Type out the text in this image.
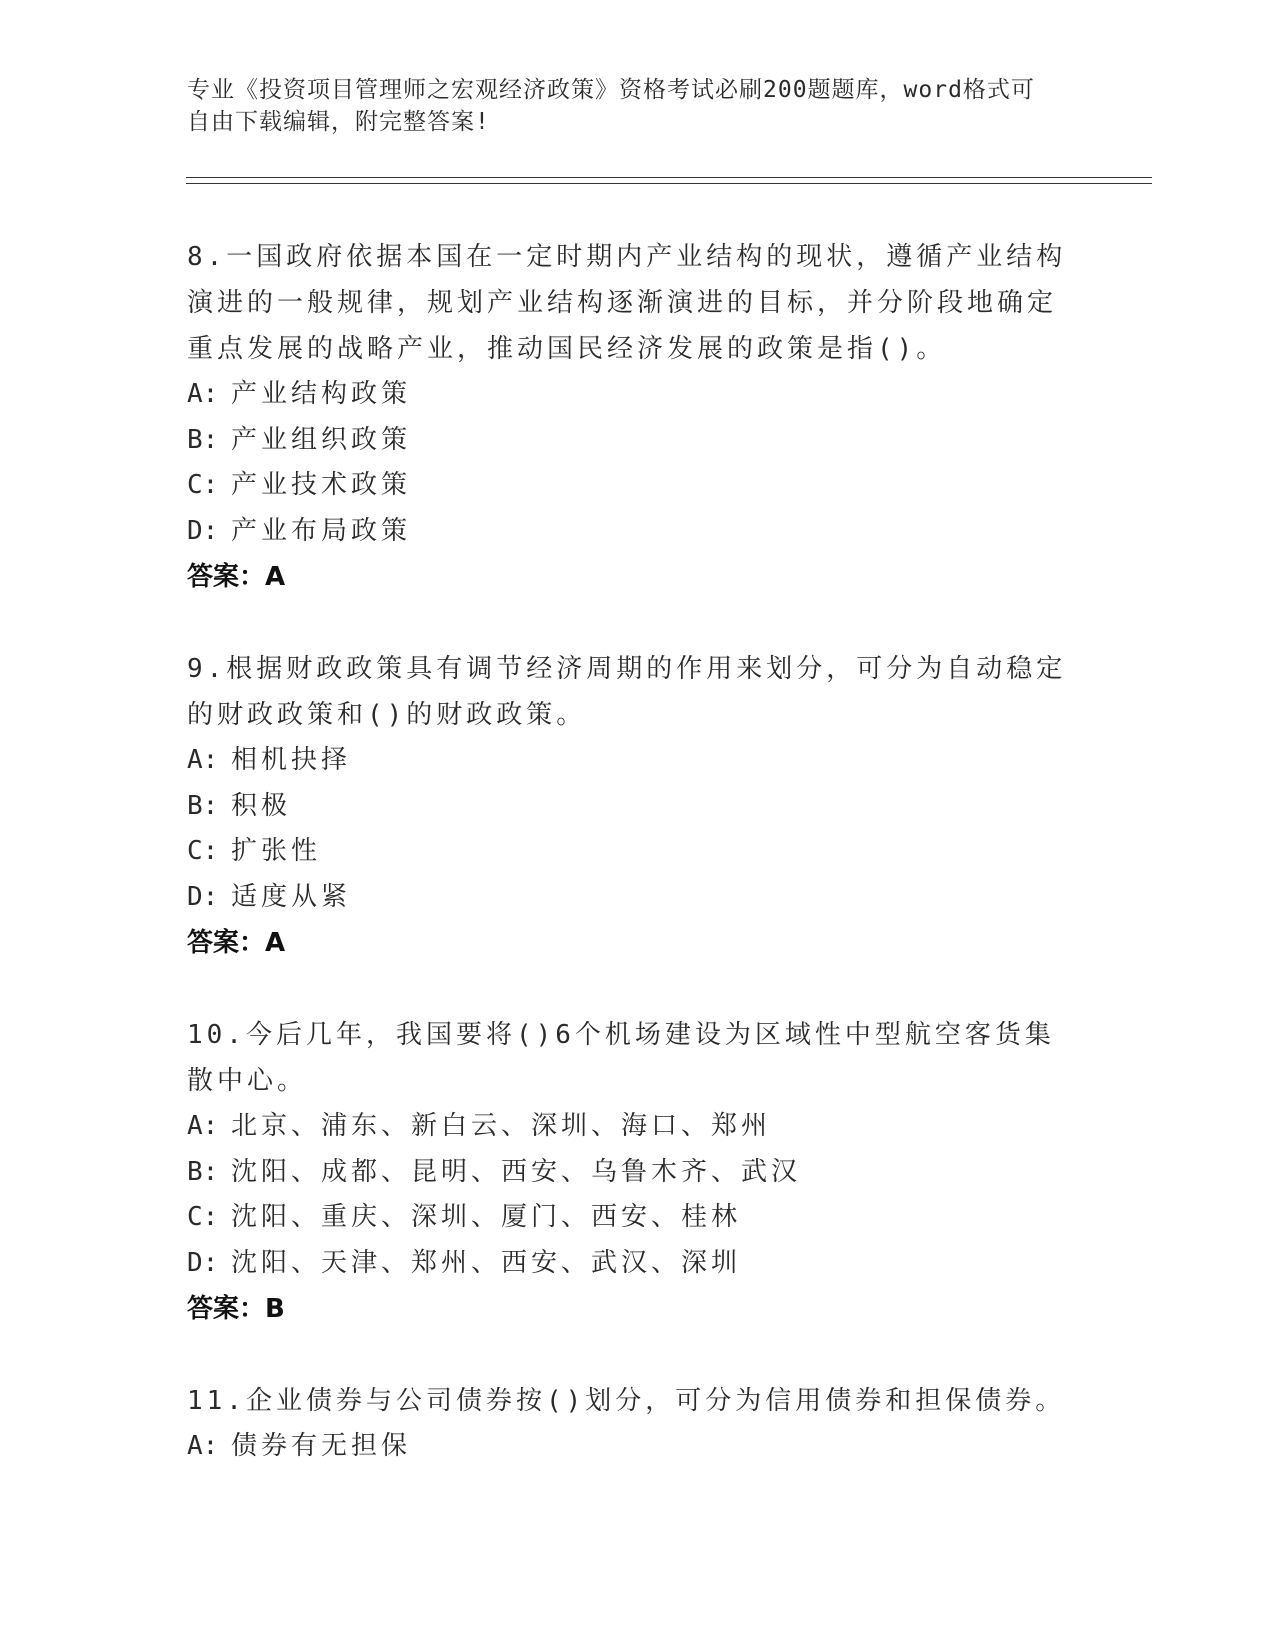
专业《投资项目管理师之宏观经济政策》资格考试必刷200题题库，word格式可
自由下载编辑，附完整答案!
8.一国政府依据本国在一定时期内产业结构的现状，遵循产业结构演进的一般规律，规划产业结构逐渐演进的目标，并分阶段地确定重点发展的战略产业，推动国民经济发展的政策是指()。
A: 产业结构政策
B: 产业组织政策
C: 产业技术政策
D: 产业布局政策
答案：A
9.根据财政政策具有调节经济周期的作用来划分，可分为自动稳定的财政政策和()的财政政策。
A: 相机抉择
B: 积极
C: 扩张性
D: 适度从紧
答案：A
10.今后几年，我国要将()6个机场建设为区域性中型航空客货集散中心。
A: 北京、浦东、新白云、深圳、海口、郑州
B: 沈阳、成都、昆明、西安、乌鲁木齐、武汉
C: 沈阳、重庆、深圳、厦门、西安、桂林
D: 沈阳、天津、郑州、西安、武汉、深圳
答案：B
11.企业债券与公司债券按()划分，可分为信用债券和担保债券。
A: 债券有无担保
